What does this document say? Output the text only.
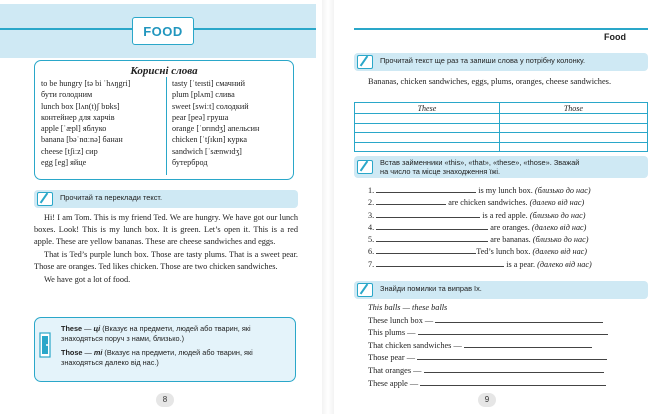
FOOD
Корисні слова
to be hungry [tə bi ˈhʌŋgri]
бути голодним
lunch box [lʌn(t)ʃ bɒks]
контейнер для харчів
apple [ˈæpl] яблуко
banana [bəˈnɑːnə] банан
cheese [tʃiːz] сир
egg [eg] яйце
tasty [ˈteɪsti] смачний
plum [plʌm] слива
sweet [swiːt] солодкий
pear [peə] груша
orange [ˈɒrɪndʒ] апельсин
chicken [ˈtʃɪkɪn] курка
sandwich [ˈsænwɪdʒ]
бутерброд
Прочитай та переклади текст.

Hi! I am Tom. This is my friend Ted. We are hungry. We have got our lunch boxes. Look! This is my lunch box. It is green. Let’s open it. This is a red apple. These are yellow bananas. These are cheese sandwiches and eggs.

That is Ted’s purple lunch box. Those are tasty plums. That is a sweet pear. Those are oranges. Ted likes chicken. Those are two chicken sandwiches.

We have got a lot of food.

These — ці (Вказує на предмети, людей або тварин, які знаходяться поруч з нами, близько.)
Those — ті (Вказує на предмети, людей або тварин, які знаходяться далеко від нас.)
8
Food
Прочитай текст ще раз та запиши слова у потрібну колонку.
Bananas, chicken sandwiches, eggs, plums, oranges, cheese sandwiches.
These	Those

Встав займенники «this», «that», «these», «those». Зважай
на число та місце знаходження їжі.
1.	is my lunch box. (близько до нас)
2.	are chicken sandwiches. (далеко від нас)
3.	is a red apple. (близько до нас)
4.	are oranges. (далеко від нас)
5.	are bananas. (близько до нас)
6.	Ted’s lunch box. (далеко від нас)
7.	is a pear. (далеко від нас)
Знайди помилки та виправ їх.
This balls — these balls
These lunch box —
This plums —
That chicken sandwiches —
Those pear —
That oranges —
These apple —
9
